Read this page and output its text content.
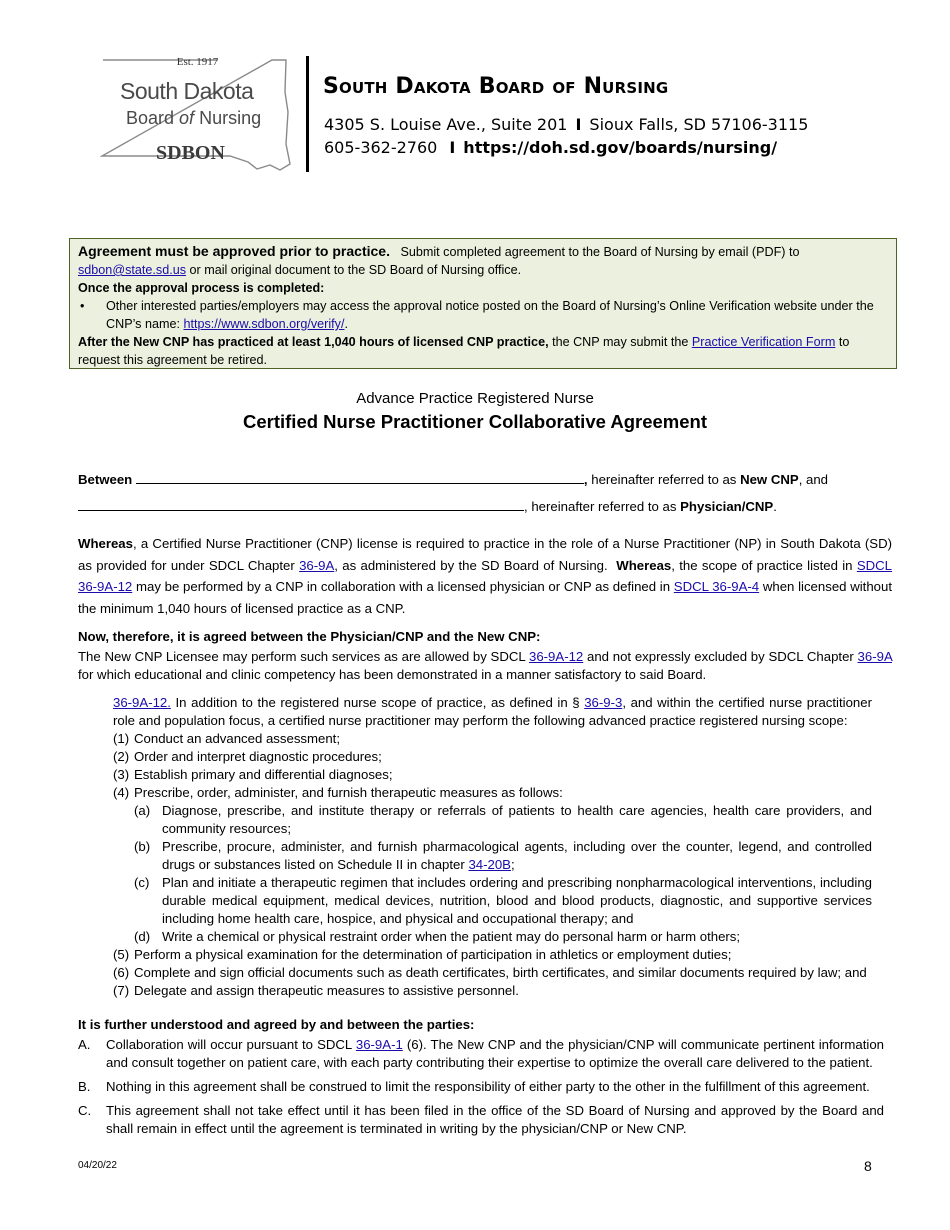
Est. 1917
South Dakota
Board of Nursing
SDBON
South Dakota Board of Nursing
4305 S. Louise Ave., Suite 201 I Sioux Falls, SD 57106-3115
605-362-2760 I https://doh.sd.gov/boards/nursing/

Agreement must be approved prior to practice. Submit completed agreement to the Board of Nursing by email (PDF) to sdbon@state.sd.us or mail original document to the SD Board of Nursing office.

Once the approval process is completed:

•	Other interested parties/employers may access the approval notice posted on the Board of Nursing’s Online Verification website under the CNP’s name: https://www.sdbon.org/verify/.

After the New CNP has practiced at least 1,040 hours of licensed CNP practice, the CNP may submit the Practice Verification Form to request this agreement be retired.

Advance Practice Registered Nurse
Certified Nurse Practitioner Collaborative Agreement
Between	, hereinafter referred to as New CNP, and
, hereinafter referred to as Physician/CNP.
Whereas, a Certified Nurse Practitioner (CNP) license is required to practice in the role of a Nurse Practitioner (NP) in South Dakota (SD) as provided for under SDCL Chapter 36-9A, as administered by the SD Board of Nursing. Whereas, the scope of practice listed in SDCL 36-9A-12 may be performed by a CNP in collaboration with a licensed physician or CNP as defined in SDCL 36-9A-4 when licensed without the minimum 1,040 hours of licensed practice as a CNP.
Now, therefore, it is agreed between the Physician/CNP and the New CNP:
The New CNP Licensee may perform such services as are allowed by SDCL 36-9A-12 and not expressly excluded by SDCL Chapter 36-9A for which educational and clinic competency has been demonstrated in a manner satisfactory to said Board.

36-9A-12. In addition to the registered nurse scope of practice, as defined in § 36-9-3, and within the certified nurse practitioner role and population focus, a certified nurse practitioner may perform the following advanced practice registered nursing scope:

(1) Conduct an advanced assessment;
(2) Order and interpret diagnostic procedures;
(3) Establish primary and differential diagnoses;
(4) Prescribe, order, administer, and furnish therapeutic measures as follows:
(a) Diagnose, prescribe, and institute therapy or referrals of patients to health care agencies, health care providers, and community resources;
(b) Prescribe, procure, administer, and furnish pharmacological agents, including over the counter, legend, and controlled drugs or substances listed on Schedule II in chapter 34-20B;
(c) Plan and initiate a therapeutic regimen that includes ordering and prescribing nonpharmacological interventions, including durable medical equipment, medical devices, nutrition, blood and blood products, diagnostic, and supportive services including home health care, hospice, and physical and occupational therapy; and
(d) Write a chemical or physical restraint order when the patient may do personal harm or harm others;
(5) Perform a physical examination for the determination of participation in athletics or employment duties;
(6) Complete and sign official documents such as death certificates, birth certificates, and similar documents required by law; and
(7) Delegate and assign therapeutic measures to assistive personnel.
It is further understood and agreed by and between the parties:
A.	Collaboration will occur pursuant to SDCL 36-9A-1 (6). The New CNP and the physician/CNP will communicate pertinent information and consult together on patient care, with each party contributing their expertise to optimize the overall care delivered to the patient.
B.	Nothing in this agreement shall be construed to limit the responsibility of either party to the other in the fulfillment of this agreement.
C.	This agreement shall not take effect until it has been filed in the office of the SD Board of Nursing and approved by the Board and shall remain in effect until the agreement is terminated in writing by the physician/CNP or New CNP.
04/20/22	8
